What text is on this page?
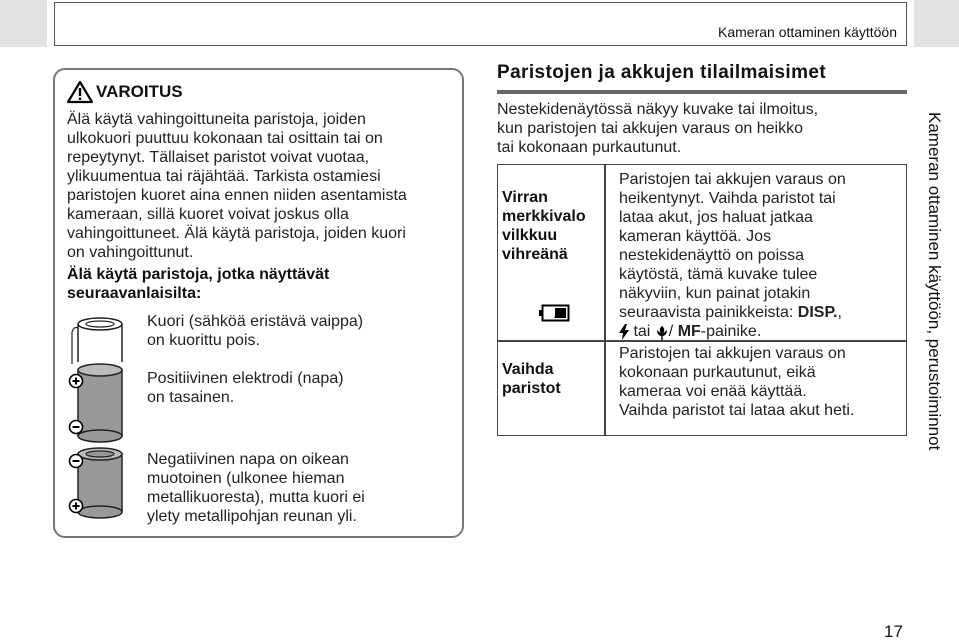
Kameran ottaminen käyttöön
VAROITUS
Älä käytä vahingoittuneita paristoja, joiden
ulkokuori puuttuu kokonaan tai osittain tai on
repeytynyt. Tällaiset paristot voivat vuotaa,
ylikuumentua tai räjähtää. Tarkista ostamiesi
paristojen kuoret aina ennen niiden asentamista
kameraan, sillä kuoret voivat joskus olla
vahingoittuneet. Älä käytä paristoja, joiden kuori
on vahingoittunut.
Älä käytä paristoja, jotka näyttävät
seuraavanlaisilta:
Kuori (sähköä eristävä vaippa)
on kuorittu pois.
Positiivinen elektrodi (napa)
on tasainen.
Negatiivinen napa on oikean
muotoinen (ulkonee hieman
metallikuoresta), mutta kuori ei
ylety metallipohjan reunan yli.
Paristojen ja akkujen tilailmaisimet
Nestekidenäytössä näkyy kuvake tai ilmoitus,
kun paristojen tai akkujen varaus on heikko
tai kokonaan purkautunut.
Virran
merkkivalo
vilkkuu
vihreänä
Paristojen tai akkujen varaus on
heikentynyt. Vaihda paristot tai
lataa akut, jos haluat jatkaa
kameran käyttöä. Jos
nestekidenäyttö on poissa
käytöstä, tämä kuvake tulee
näkyviin, kun painat jotakin
seuraavista painikkeista: DISP.,
tai / MF-painike.
Vaihda
paristot
Paristojen tai akkujen varaus on
kokonaan purkautunut, eikä
kameraa voi enää käyttää.
Vaihda paristot tai lataa akut heti.	Kameran ottaminen käyttöön, perustoiminnot
17
